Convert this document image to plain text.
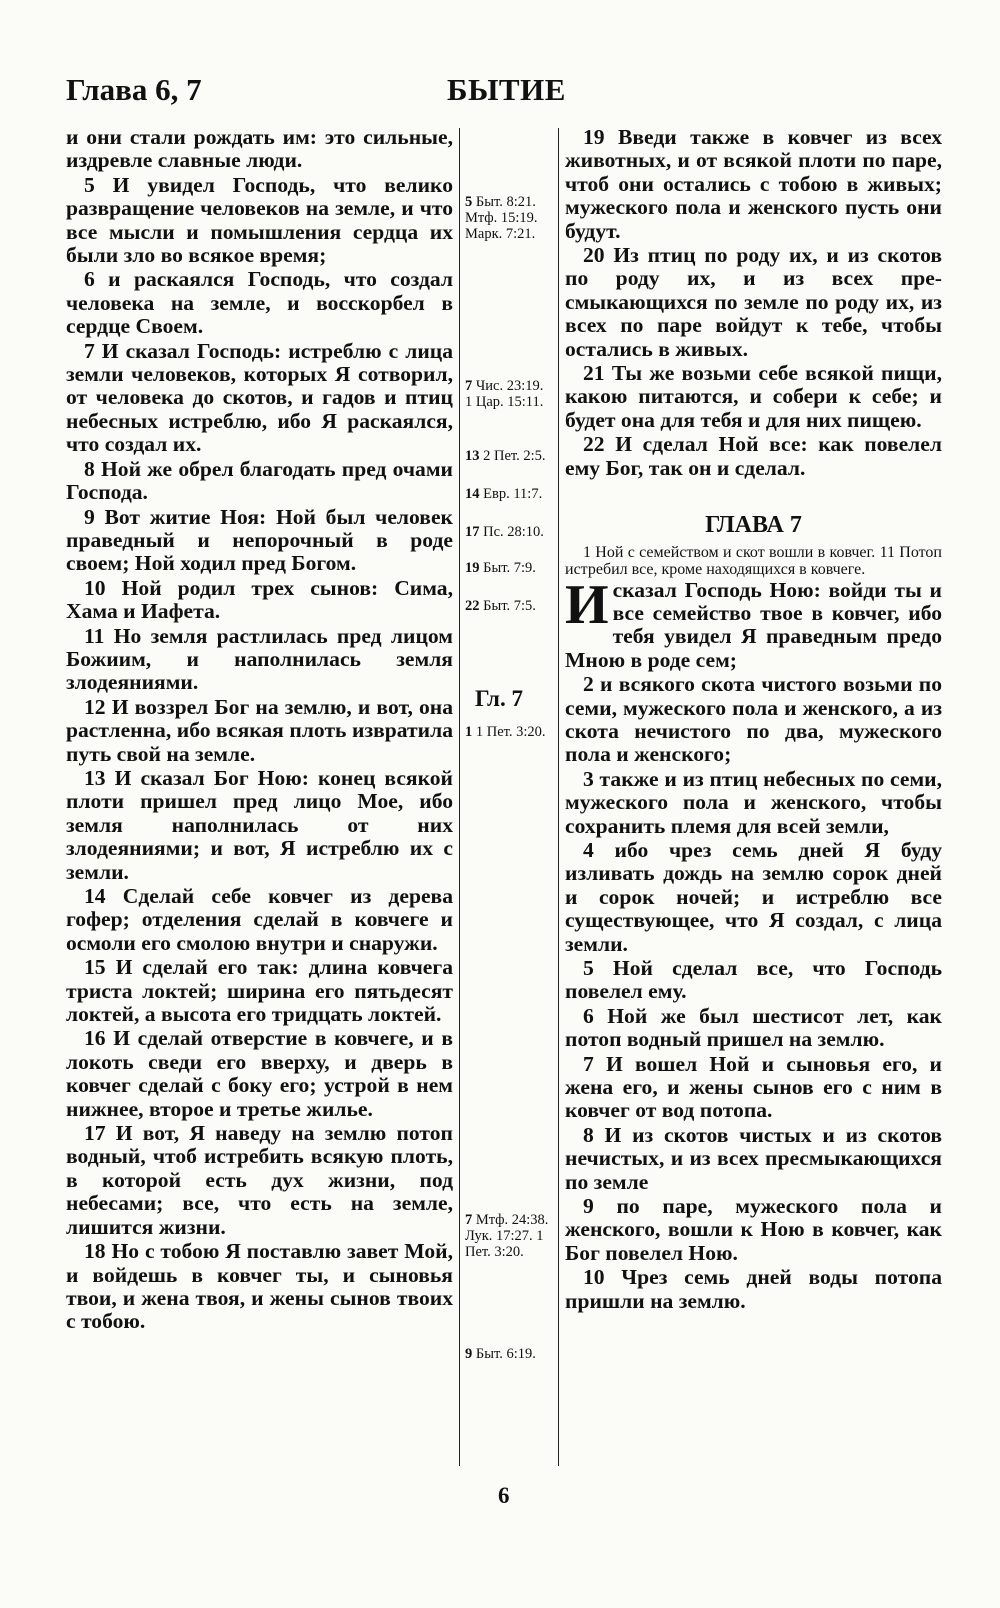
Глава 6, 7	БЫТИЕ

и они стали рождать им: это сильные, издревле славные люди.

5 И увидел Господь, что велико развращение человеков на земле, и что все мысли и помышления сердца их были зло во всякое время;

6 и раскаялся Господь, что создал человека на земле, и восскорбел в сердце Своем.

7 И сказал Господь: истреблю с лица земли человеков, которых Я сотворил, от человека до скотов, и гадов и птиц небесных истреблю, ибо Я раскаялся, что создал их.

8 Ной же обрел благодать пред очами Господа.

9 Вот житие Ноя: Ной был человек праведный и непорочный в роде своем; Ной ходил пред Богом.

10 Ной родил трех сынов: Сима, Хама и Иафета.

11 Но земля растлилась пред лицом Божиим, и наполнилась земля злодеяниями.

12 И воззрел Бог на землю, и вот, она растленна, ибо всякая плоть извратила путь свой на земле.

13 И сказал Бог Ною: конец всякой плоти пришел пред лицо Мое, ибо земля наполнилась от них злодеяниями; и вот, Я истреблю их с земли.

14 Сделай себе ковчег из дерева гофер; отделения сделай в ковчеге и осмоли его смолою внутри и снаружи.

15 И сделай его так: длина ковчега триста локтей; ширина его пятьдесят локтей, а высота его тридцать локтей.

16 И сделай отверстие в ковчеге, и в локоть сведи его вверху, и дверь в ковчег сделай с боку его; устрой в нем нижнее, второе и третье жилье.

17 И вот, Я наведу на землю потоп водный, чтоб истребить всякую плоть, в которой есть дух жизни, под небесами; все, что есть на земле, лишится жизни.

18 Но с тобою Я поставлю завет Мой, и войдешь в ковчег ты, и сыновья твои, и жена твоя, и жены сынов твоих с тобою.

5 Быт. 8:21. Мтф. 15:19. Марк. 7:21.
7 Чис. 23:19. 1 Цар. 15:11.
13 2 Пет. 2:5.
14 Евр. 11:7.
17 Пс. 28:10.
19 Быт. 7:9.
22 Быт. 7:5.
1 1 Пет. 3:20.
7 Мтф. 24:38. Лук. 17:27. 1 Пет. 3:20.
9 Быт. 6:19.
Гл. 7

19 Введи также в ковчег из всех животных, и от всякой плоти по паре, чтоб они остались с тобою в живых; мужеского пола и женского пусть они будут.

20 Из птиц по роду их, и из скотов по роду их, и из всех пресмыкающихся по земле по роду их, из всех по паре войдут к тебе, чтобы остались в живых.

21 Ты же возьми себе всякой пищи, какою питаются, и собери к себе; и будет она для тебя и для них пищею.

22 И сделал Ной все: как повелел ему Бог, так он и сделал.

ГЛАВА 7

1 Ной с семейством и скот вошли в ковчег. 11 Потоп истребил все, кроме находящихся в ковчеге.

Исказал Господь Ною: войди ты и все семейство твое в ковчег, ибо тебя увидел Я праведным предо Мною в роде сем;

2 и всякого скота чистого возьми по семи, мужеского пола и женского, а из скота нечистого по два, мужеского пола и женского;

3 также и из птиц небесных по семи, мужеского пола и женского, чтобы сохранить племя для всей земли,

4 ибо чрез семь дней Я буду изливать дождь на землю сорок дней и сорок ночей; и истреблю все существующее, что Я создал, с лица земли.

5 Ной сделал все, что Господь повелел ему.

6 Ной же был шестисот лет, как потоп водный пришел на землю.

7 И вошел Ной и сыновья его, и жена его, и жены сынов его с ним в ковчег от вод потопа.

8 И из скотов чистых и из скотов нечистых, и из всех пресмыкающихся по земле

9 по паре, мужеского пола и женского, вошли к Ною в ковчег, как Бог повелел Ною.

10 Чрез семь дней воды потопа пришли на землю.

6
